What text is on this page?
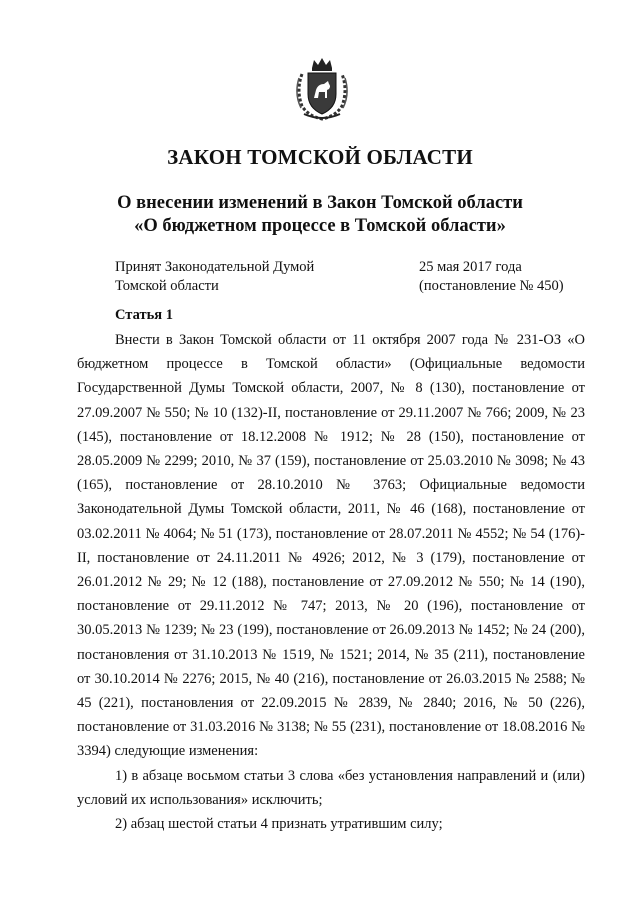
ЗАКОН ТОМСКОЙ ОБЛАСТИ
О внесении изменений в Закон Томской области
«О бюджетном процессе в Томской области»
Принят Законодательной Думой
Томской области
25 мая 2017 года
(постановление № 450)
Статья 1

Внести в Закон Томской области от 11 октября 2007 года № 231-ОЗ «О бюджетном процессе в Томской области» (Официальные ведомости Государственной Думы Томской области, 2007, № 8 (130), постановление от 27.09.2007 № 550; № 10 (132)-II, постановление от 29.11.2007 № 766; 2009, № 23 (145), постановление от 18.12.2008 № 1912; № 28 (150), постановление от 28.05.2009 № 2299; 2010, № 37 (159), постановление от 25.03.2010 № 3098; № 43 (165), постановление от 28.10.2010 № 3763; Официальные ведомости Законодательной Думы Томской области, 2011, № 46 (168), постановление от 03.02.2011 № 4064; № 51 (173), постановление от 28.07.2011 № 4552; № 54 (176)-II, постановление от 24.11.2011 № 4926; 2012, № 3 (179), постановление от 26.01.2012 № 29; № 12 (188), постановление от 27.09.2012 № 550; № 14 (190), постановление от 29.11.2012 № 747; 2013, № 20 (196), постановление от 30.05.2013 № 1239; № 23 (199), постановление от 26.09.2013 № 1452; № 24 (200), постановления от 31.10.2013 № 1519, № 1521; 2014, № 35 (211), постановление от 30.10.2014 № 2276; 2015, № 40 (216), постановление от 26.03.2015 № 2588; № 45 (221), постановления от 22.09.2015 № 2839, № 2840; 2016, № 50 (226), постановление от 31.03.2016 № 3138; № 55 (231), постановление от 18.08.2016 № 3394) следующие изменения:

1) в абзаце восьмом статьи 3 слова «без установления направлений и (или) условий их использования» исключить;

2) абзац шестой статьи 4 признать утратившим силу;
